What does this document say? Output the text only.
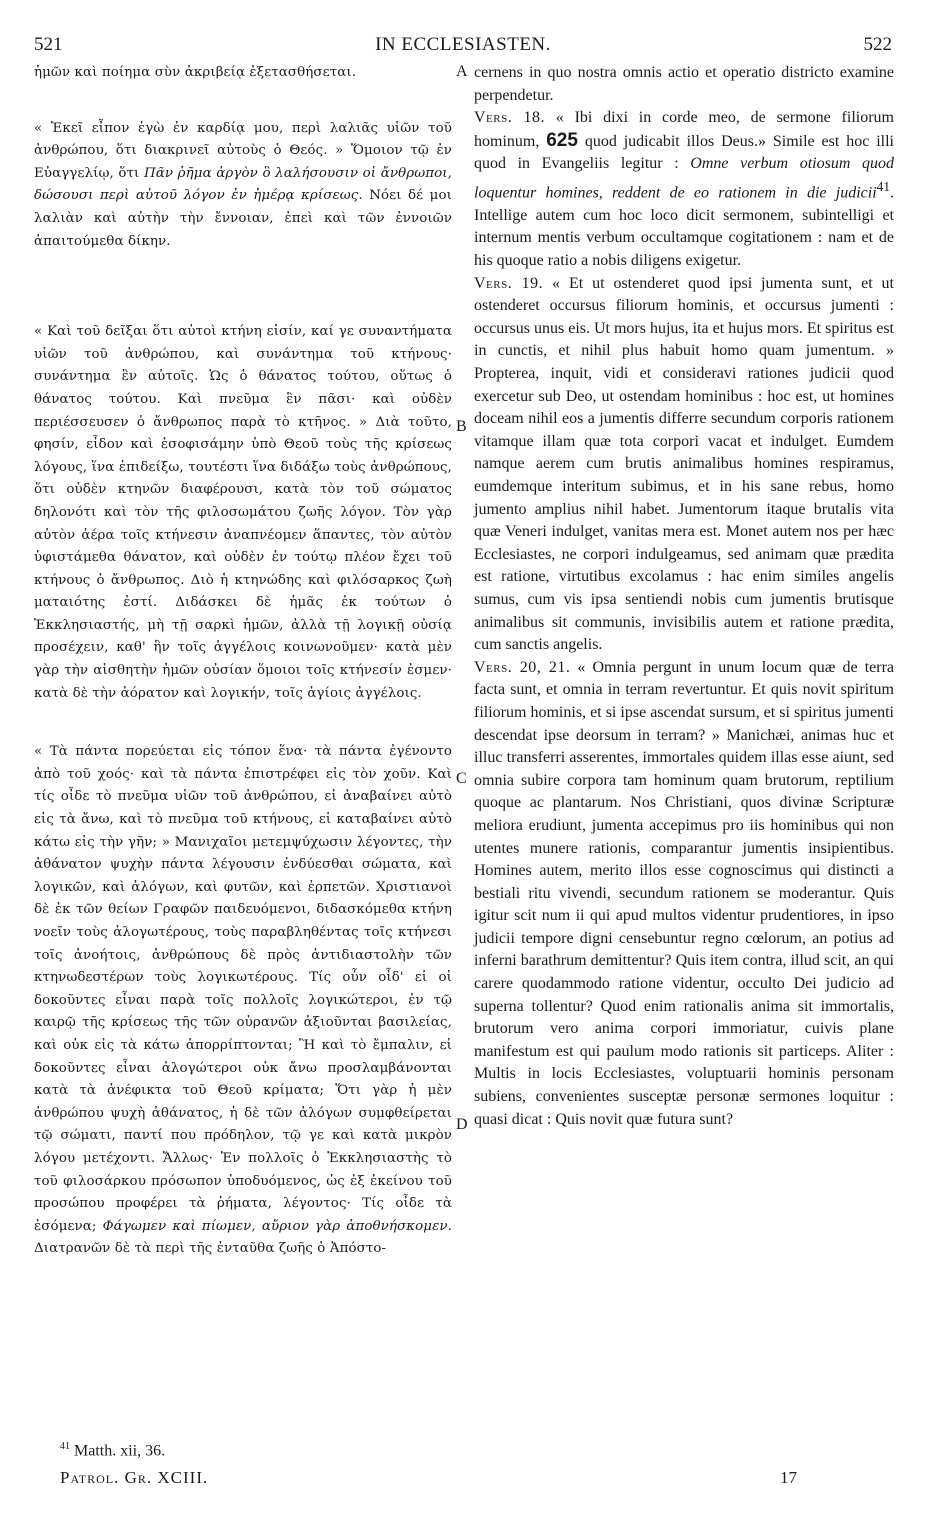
521	IN ECCLESIASTEN.	522
A
B
C
D

ἡμῶν καὶ ποίημα σὺν ἀκριβείᾳ ἐξετασθήσεται.

« Ἐκεῖ εἶπον ἐγὼ ἐν καρδίᾳ μου, περὶ λαλιᾶς υἱῶν τοῦ ἀνθρώπου, ὅτι διακρινεῖ αὐτοὺς ὁ Θεός. » Ὅμοιον τῷ ἐν Εὐαγγελίῳ, ὅτι Πᾶν ῥῆμα ἀργὸν ὃ λαλήσουσιν οἱ ἄνθρωποι, δώσουσι περὶ αὐτοῦ λόγον ἐν ἡμέρᾳ κρίσεως. Νόει δέ μοι λαλιὰν καὶ αὐτὴν τὴν ἔννοιαν, ἐπεὶ καὶ τῶν ἐννοιῶν ἀπαιτούμεθα δίκην.

« Καὶ τοῦ δεῖξαι ὅτι αὐτοὶ κτήνη εἰσίν, καί γε συναντήματα υἱῶν τοῦ ἀνθρώπου, καὶ συνάντημα τοῦ κτήνους· συνάντημα ἓν αὐτοῖς. Ὡς ὁ θάνατος τούτου, οὕτως ὁ θάνατος τούτου. Καὶ πνεῦμα ἓν πᾶσι· καὶ οὐδὲν περιέσσευσεν ὁ ἄνθρωπος παρὰ τὸ κτῆνος. » Διὰ τοῦτο, φησίν, εἶδον καὶ ἐσοφισάμην ὑπὸ Θεοῦ τοὺς τῆς κρίσεως λόγους, ἵνα ἐπιδείξω, τουτέστι ἵνα διδάξω τοὺς ἀνθρώπους, ὅτι οὐδὲν κτηνῶν διαφέρουσι, κατὰ τὸν τοῦ σώματος δηλονότι καὶ τὸν τῆς φιλοσωμάτου ζωῆς λόγον. Τὸν γὰρ αὐτὸν ἀέρα τοῖς κτήνεσιν ἀναπνέομεν ἅπαντες, τὸν αὐτὸν ὑφιστάμεθα θάνατον, καὶ οὐδὲν ἐν τούτῳ πλέον ἔχει τοῦ κτήνους ὁ ἄνθρωπος. Διὸ ἡ κτηνώδης καὶ φιλόσαρκος ζωὴ ματαιότης ἐστί. Διδάσκει δὲ ἡμᾶς ἐκ τούτων ὁ Ἐκκλησιαστής, μὴ τῇ σαρκὶ ἡμῶν, ἀλλὰ τῇ λογικῇ οὐσίᾳ προσέχειν, καθ' ἣν τοῖς ἀγγέλοις κοινωνοῦμεν· κατὰ μὲν γὰρ τὴν αἰσθητὴν ἡμῶν οὐσίαν ὅμοιοι τοῖς κτήνεσίν ἐσμεν· κατὰ δὲ τὴν ἀόρατον καὶ λογικήν, τοῖς ἁγίοις ἀγγέλοις.

« Τὰ πάντα πορεύεται εἰς τόπον ἕνα· τὰ πάντα ἐγένοντο ἀπὸ τοῦ χοός· καὶ τὰ πάντα ἐπιστρέφει εἰς τὸν χοῦν. Καὶ τίς οἶδε τὸ πνεῦμα υἱῶν τοῦ ἀνθρώπου, εἰ ἀναβαίνει αὐτὸ εἰς τὰ ἄνω, καὶ τὸ πνεῦμα τοῦ κτήνους, εἰ καταβαίνει αὐτὸ κάτω εἰς τὴν γῆν; » Μανιχαῖοι μετεμψύχωσιν λέγοντες, τὴν ἀθάνατον ψυχὴν πάντα λέγουσιν ἐνδύεσθαι σώματα, καὶ λογικῶν, καὶ ἀλόγων, καὶ φυτῶν, καὶ ἑρπετῶν. Χριστιανοὶ δὲ ἐκ τῶν θείων Γραφῶν παιδευόμενοι, διδασκόμεθα κτήνη νοεῖν τοὺς ἀλογωτέρους, τοὺς παραβληθέντας τοῖς κτήνεσι τοῖς ἀνοήτοις, ἀνθρώπους δὲ πρὸς ἀντιδιαστολὴν τῶν κτηνωδεστέρων τοὺς λογικωτέρους. Τίς οὖν οἶδ' εἰ οἱ δοκοῦντες εἶναι παρὰ τοῖς πολλοῖς λογικώτεροι, ἐν τῷ καιρῷ τῆς κρίσεως τῆς τῶν οὐρανῶν ἀξιοῦνται βασιλείας, καὶ οὐκ εἰς τὰ κάτω ἀπορρίπτονται; Ἢ καὶ τὸ ἔμπαλιν, εἰ δοκοῦντες εἶναι ἀλογώτεροι οὐκ ἄνω προσλαμβάνονται κατὰ τὰ ἀνέφικτα τοῦ Θεοῦ κρίματα; Ὅτι γὰρ ἡ μὲν ἀνθρώπου ψυχὴ ἀθάνατος, ἡ δὲ τῶν ἀλόγων συμφθείρεται τῷ σώματι, παντί που πρόδηλον, τῷ γε καὶ κατὰ μικρὸν λόγου μετέχοντι. Ἄλλως· Ἐν πολλοῖς ὁ Ἐκκλησιαστὴς τὸ τοῦ φιλοσάρκου πρόσωπον ὑποδυόμενος, ὡς ἐξ ἐκείνου τοῦ προσώπου προφέρει τὰ ῥήματα, λέγοντος· Τίς οἶδε τὰ ἐσόμενα; Φάγωμεν καὶ πίωμεν, αὔριον γὰρ ἀποθνήσκομεν. Διατρανῶν δὲ τὰ περὶ τῆς ἐνταῦθα ζωῆς ὁ Ἀπόστο-

cernens in quo nostra omnis actio et operatio districto examine perpendetur.

Vers. 18. « Ibi dixi in corde meo, de sermone filiorum hominum, 625 quod judicabit illos Deus.» Simile est hoc illi quod in Evangeliis legitur : Omne verbum otiosum quod loquentur homines, reddent de eo rationem in die judicii$^{41}$. Intellige autem cum hoc loco dicit sermonem, subintelligi et internum mentis verbum occultamque cogitationem : nam et de his quoque ratio a nobis diligens exigetur.

Vers. 19. « Et ut ostenderet quod ipsi jumenta sunt, et ut ostenderet occursus filiorum hominis, et occursus jumenti : occursus unus eis. Ut mors hujus, ita et hujus mors. Et spiritus est in cunctis, et nihil plus habuit homo quam jumentum. » Propterea, inquit, vidi et consideravi rationes judicii quod exercetur sub Deo, ut ostendam hominibus : hoc est, ut homines doceam nihil eos a jumentis differre secundum corporis rationem vitamque illam quæ tota corpori vacat et indulget. Eumdem namque aerem cum brutis animalibus homines respiramus, eumdemque interitum subimus, et in his sane rebus, homo jumento amplius nihil habet. Jumentorum itaque brutalis vita quæ Veneri indulget, vanitas mera est. Monet autem nos per hæc Ecclesiastes, ne corpori indulgeamus, sed animam quæ prædita est ratione, virtutibus excolamus : hac enim similes angelis sumus, cum vis ipsa sentiendi nobis cum jumentis brutisque animalibus sit communis, invisibilis autem et ratione prædita, cum sanctis angelis.

Vers. 20, 21. « Omnia pergunt in unum locum quæ de terra facta sunt, et omnia in terram revertuntur. Et quis novit spiritum filiorum hominis, et si ipse ascendat sursum, et si spiritus jumenti descendat ipse deorsum in terram? » Manichæi, animas huc et illuc transferri asserentes, immortales quidem illas esse aiunt, sed omnia subire corpora tam hominum quam brutorum, reptilium quoque ac plantarum. Nos Christiani, quos divinæ Scripturæ meliora erudiunt, jumenta accepimus pro iis hominibus qui non utentes munere rationis, comparantur jumentis insipientibus. Homines autem, merito illos esse cognoscimus qui distincti a bestiali ritu vivendi, secundum rationem se moderantur. Quis igitur scit num ii qui apud multos videntur prudentiores, in ipso judicii tempore digni censebuntur regno cœlorum, an potius ad inferni barathrum demittentur? Quis item contra, illud scit, an qui carere quodammodo ratione videntur, occulto Dei judicio ad superna tollentur? Quod enim rationalis anima sit immortalis, brutorum vero anima corpori immoriatur, cuivis plane manifestum est qui paulum modo rationis sit particeps. Aliter : Multis in locis Ecclesiastes, voluptuarii hominis personam subiens, convenientes susceptæ personæ sermones loquitur : quasi dicat : Quis novit quæ futura sunt?

$^{41}$ Matth. xii, 36.
Patrol. Gr. XCIII.	17
